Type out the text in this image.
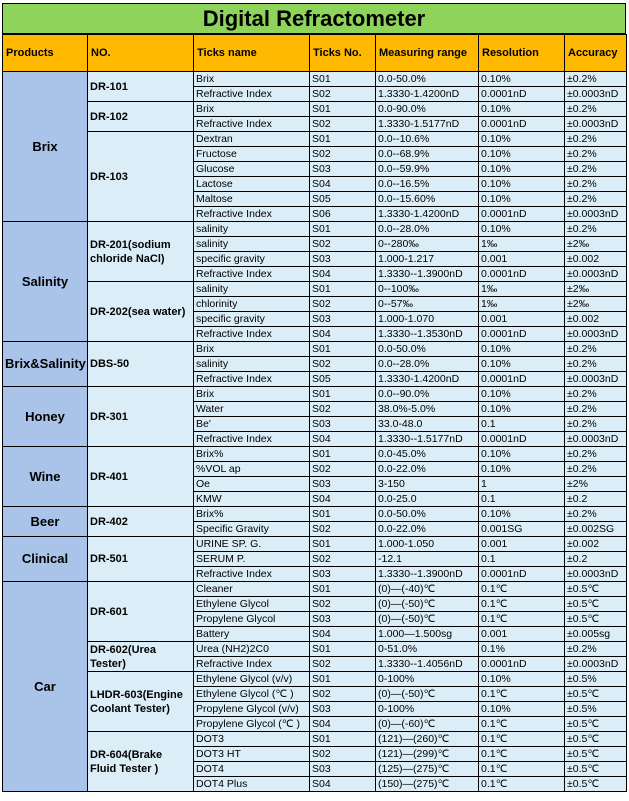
Digital Refractometer
Products	NO.	Ticks name	Ticks No.	Measuring range	Resolution	Accuracy
Brix	DR-101	Brix	S01	0.0-50.0%	0.10%	±0.2%
		Refractive Index	S02	1.3330-1.4200nD	0.0001nD	±0.0003nD
	DR-102	Brix	S01	0.0-90.0%	0.10%	±0.2%
		Refractive Index	S02	1.3330-1.5177nD	0.0001nD	±0.0003nD
	DR-103	Dextran	S01	0.0--10.6%	0.10%	±0.2%
		Fructose	S02	0.0--68.9%	0.10%	±0.2%
		Glucose	S03	0.0--59.9%	0.10%	±0.2%
		Lactose	S04	0.0--16.5%	0.10%	±0.2%
		Maltose	S05	0.0--15.60%	0.10%	±0.2%
		Refractive Index	S06	1.3330-1.4200nD	0.0001nD	±0.0003nD
Salinity	DR-201(sodium chloride NaCl)	salinity	S01	0.0--28.0%	0.10%	±0.2%
		salinity	S02	0--280‰	1‰	±2‰
		specific gravity	S03	1.000-1.217	0.001	±0.002
		Refractive Index	S04	1.3330--1.3900nD	0.0001nD	±0.0003nD
	DR-202(sea water)	salinity	S01	0--100‰	1‰	±2‰
		chlorinity	S02	0--57‰	1‰	±2‰
		specific gravity	S03	1.000-1.070	0.001	±0.002
		Refractive Index	S04	1.3330--1.3530nD	0.0001nD	±0.0003nD
Brix&Salinity	DBS-50	Brix	S01	0.0-50.0%	0.10%	±0.2%
		salinity	S02	0.0--28.0%	0.10%	±0.2%
		Refractive Index	S05	1.3330-1.4200nD	0.0001nD	±0.0003nD
Honey	DR-301	Brix	S01	0.0--90.0%	0.10%	±0.2%
		Water	S02	38.0%-5.0%	0.10%	±0.2%
		Be'	S03	33.0-48.0	0.1	±0.2%
		Refractive Index	S04	1.3330--1.5177nD	0.0001nD	±0.0003nD
Wine	DR-401	Brix%	S01	0.0-45.0%	0.10%	±0.2%
		%VOL ap	S02	0.0-22.0%	0.10%	±0.2%
		Oe	S03	3-150	1	±2%
		KMW	S04	0.0-25.0	0.1	±0.2
Beer	DR-402	Brix%	S01	0.0-50.0%	0.10%	±0.2%
		Specific Gravity	S02	0.0-22.0%	0.001SG	±0.002SG
Clinical	DR-501	URINE SP. G.	S01	1.000-1.050	0.001	±0.002
		SERUM P.	S02	-12.1	0.1	±0.2
		Refractive Index	S03	1.3330--1.3900nD	0.0001nD	±0.0003nD
Car	DR-601	Cleaner	S01	(0)—(-40)℃	0.1℃	±0.5℃
		Ethylene Glycol	S02	(0)—(-50)℃	0.1℃	±0.5℃
		Propylene Glycol	S03	(0)—(-50)℃	0.1℃	±0.5℃
		Battery	S04	1.000—1.500sg	0.001	±0.005sg
	DR-602(Urea Tester)	Urea (NH2)2C0	S01	0-51.0%	0.1%	±0.2%
		Refractive Index	S02	1.3330--1.4056nD	0.0001nD	±0.0003nD
	LHDR-603(Engine Coolant Tester)	Ethylene Glycol (v/v)	S01	0-100%	0.10%	±0.5%
		Ethylene Glycol (℃ )	S02	(0)—(-50)℃	0.1℃	±0.5℃
		Propylene Glycol (v/v)	S03	0-100%	0.10%	±0.5%
		Propylene Glycol (℃ )	S04	(0)—(-60)℃	0.1℃	±0.5℃
	DR-604(Brake Fluid Tester )	DOT3	S01	(121)—(260)℃	0.1℃	±0.5℃
		DOT3 HT	S02	(121)—(299)℃	0.1℃	±0.5℃
		DOT4	S03	(125)—(275)℃	0.1℃	±0.5℃
		DOT4 Plus	S04	(150)—(275)℃	0.1℃	±0.5℃
